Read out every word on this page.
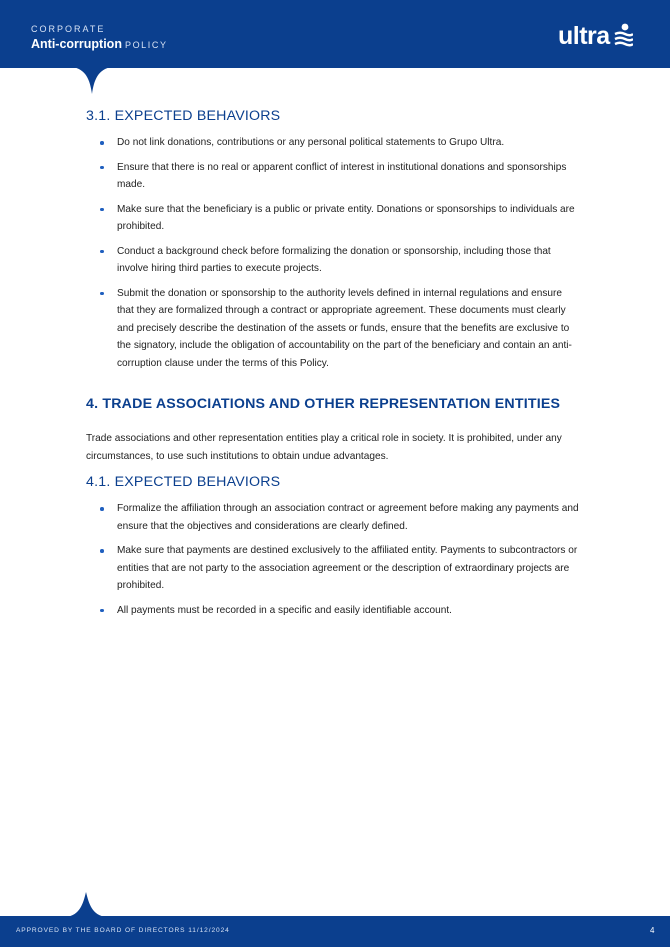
CORPORATE
Anti-corruption POLICY	ultra
3.1. EXPECTED BEHAVIORS
Do not link donations, contributions or any personal political statements to Grupo Ultra.
Ensure that there is no real or apparent conflict of interest in institutional donations and sponsorships made.
Make sure that the beneficiary is a public or private entity. Donations or sponsorships to individuals are prohibited.
Conduct a background check before formalizing the donation or sponsorship, including those that involve hiring third parties to execute projects.
Submit the donation or sponsorship to the authority levels defined in internal regulations and ensure that they are formalized through a contract or appropriate agreement. These documents must clearly and precisely describe the destination of the assets or funds, ensure that the benefits are exclusive to the signatory, include the obligation of accountability on the part of the beneficiary and contain an anti-corruption clause under the terms of this Policy.
4. TRADE ASSOCIATIONS AND OTHER REPRESENTATION ENTITIES

Trade associations and other representation entities play a critical role in society. It is prohibited, under any circumstances, to use such institutions to obtain undue advantages.

4.1. EXPECTED BEHAVIORS
Formalize the affiliation through an association contract or agreement before making any payments and ensure that the objectives and considerations are clearly defined.
Make sure that payments are destined exclusively to the affiliated entity. Payments to subcontractors or entities that are not party to the association agreement or the description of extraordinary projects are prohibited.
All payments must be recorded in a specific and easily identifiable account.
APPROVED BY THE BOARD OF DIRECTORS 11/12/2024	4
